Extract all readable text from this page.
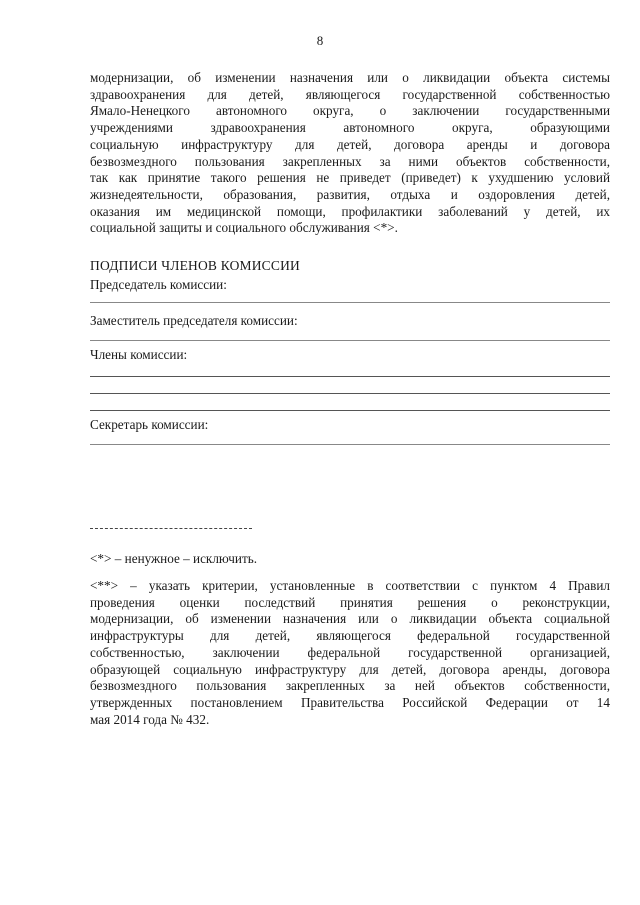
8
модернизации, об изменении назначения или о ликвидации объекта системы
здравоохранения для детей, являющегося государственной собственностью
Ямало-Ненецкого автономного округа, о заключении государственными
учреждениями здравоохранения автономного округа, образующими
социальную инфраструктуру для детей, договора аренды и договора
безвозмездного пользования закрепленных за ними объектов собственности,
так как принятие такого решения не приведет (приведет) к ухудшению условий
жизнедеятельности, образования, развития, отдыха и оздоровления детей,
оказания им медицинской помощи, профилактики заболеваний у детей, их
социальной защиты и социального обслуживания <*>.
ПОДПИСИ ЧЛЕНОВ КОМИССИИ
Председатель комиссии:
Заместитель председателя комиссии:
Члены комиссии:
Секретарь комиссии:
<*> – ненужное – исключить.
<**> – указать критерии, установленные в соответствии с пунктом 4 Правил
проведения оценки последствий принятия решения о реконструкции,
модернизации, об изменении назначения или о ликвидации объекта социальной
инфраструктуры для детей, являющегося федеральной государственной
собственностью, заключении федеральной государственной организацией,
образующей социальную инфраструктуру для детей, договора аренды, договора
безвозмездного пользования закрепленных за ней объектов собственности,
утвержденных постановлением Правительства Российской Федерации от 14
мая 2014 года № 432.
